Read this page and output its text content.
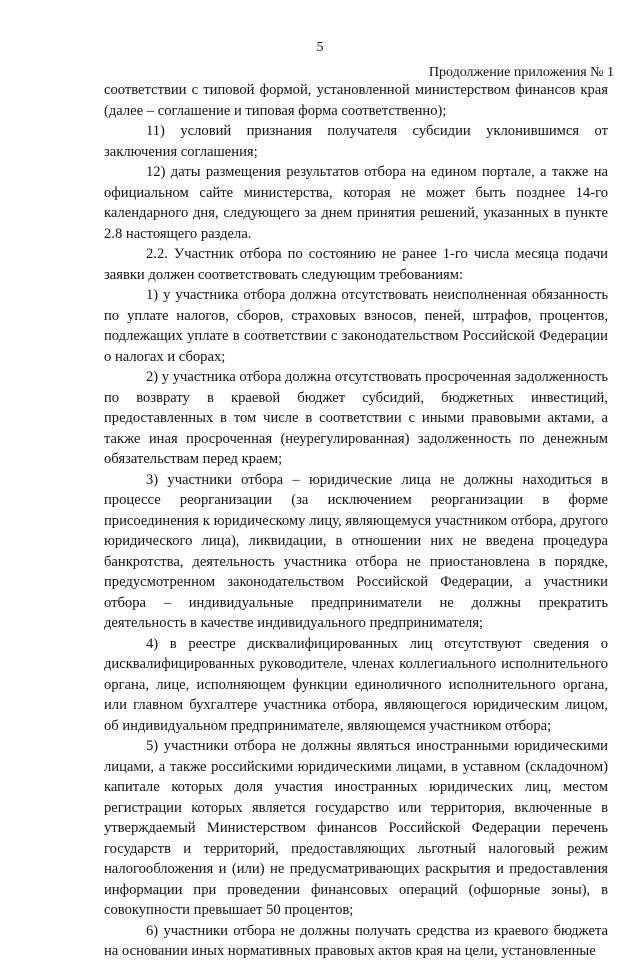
5
Продолжение приложения № 1

соответствии с типовой формой, установленной министерством финансов края (далее – соглашение и типовая форма соответственно);

11) условий признания получателя субсидии уклонившимся от заключения соглашения;

12) даты размещения результатов отбора на едином портале, а также на официальном сайте министерства, которая не может быть позднее 14-го календарного дня, следующего за днем принятия решений, указанных в пункте 2.8 настоящего раздела.

2.2. Участник отбора по состоянию не ранее 1-го числа месяца подачи заявки должен соответствовать следующим требованиям:

1) у участника отбора должна отсутствовать неисполненная обязанность по уплате налогов, сборов, страховых взносов, пеней, штрафов, процентов, подлежащих уплате в соответствии с законодательством Российской Федерации о налогах и сборах;

2) у участника отбора должна отсутствовать просроченная задолженность по возврату в краевой бюджет субсидий, бюджетных инвестиций, предоставленных в том числе в соответствии с иными правовыми актами, а также иная просроченная (неурегулированная) задолженность по денежным обязательствам перед краем;

3) участники отбора – юридические лица не должны находиться в процессе реорганизации (за исключением реорганизации в форме присоединения к юридическому лицу, являющемуся участником отбора, другого юридического лица), ликвидации, в отношении них не введена процедура банкротства, деятельность участника отбора не приостановлена в порядке, предусмотренном законодательством Российской Федерации, а участники отбора – индивидуальные предприниматели не должны прекратить деятельность в качестве индивидуального предпринимателя;

4) в реестре дисквалифицированных лиц отсутствуют сведения о дисквалифицированных руководителе, членах коллегиального исполнительного органа, лице, исполняющем функции единоличного исполнительного органа, или главном бухгалтере участника отбора, являющегося юридическим лицом, об индивидуальном предпринимателе, являющемся участником отбора;

5) участники отбора не должны являться иностранными юридическими лицами, а также российскими юридическими лицами, в уставном (складочном) капитале которых доля участия иностранных юридических лиц, местом регистрации которых является государство или территория, включенные в утверждаемый Министерством финансов Российской Федерации перечень государств и территорий, предоставляющих льготный налоговый режим налогообложения и (или) не предусматривающих раскрытия и предоставления информации при проведении финансовых операций (офшорные зоны), в совокупности превышает 50 процентов;

6) участники отбора не должны получать средства из краевого бюджета на основании иных нормативных правовых актов края на цели, установленные
